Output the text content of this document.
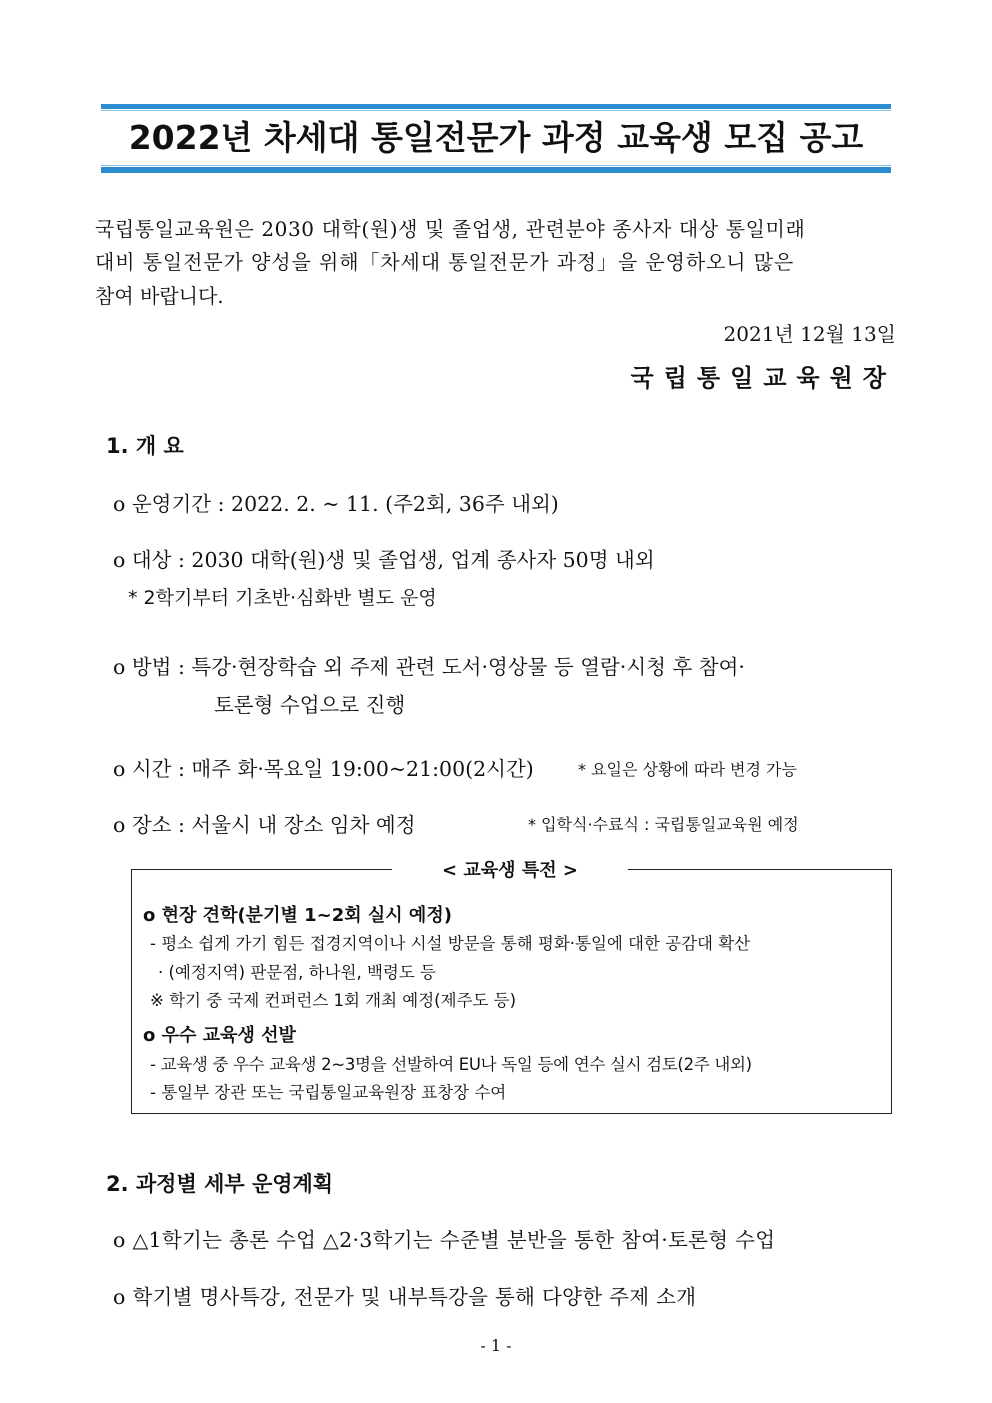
2022년 차세대 통일전문가 과정 교육생 모집 공고
국립통일교육원은 2030 대학(원)생 및 졸업생, 관련분야 종사자 대상 통일미래
대비 통일전문가 양성을 위해「차세대 통일전문가 과정」을 운영하오니 많은
참여 바랍니다.
2021년 12월 13일
국립통일교육원장
1. 개 요
o 운영기간 : 2022. 2. ~ 11. (주2회, 36주 내외)
o 대상 : 2030 대학(원)생 및 졸업생, 업계 종사자 50명 내외
* 2학기부터 기초반·심화반 별도 운영
o 방법 : 특강·현장학습 외 주제 관련 도서·영상물 등 열람·시청 후 참여·
토론형 수업으로 진행
o 시간 : 매주 화·목요일 19:00~21:00(2시간)	* 요일은 상황에 따라 변경 가능
o 장소 : 서울시 내 장소 임차 예정	* 입학식·수료식 : 국립통일교육원 예정
< 교육생 특전 >
o 현장 견학(분기별 1~2회 실시 예정)
- 평소 쉽게 가기 힘든 접경지역이나 시설 방문을 통해 평화·통일에 대한 공감대 확산
· (예정지역) 판문점, 하나원, 백령도 등
※ 학기 중 국제 컨퍼런스 1회 개최 예정(제주도 등)
o 우수 교육생 선발
- 교육생 중 우수 교육생 2~3명을 선발하여 EU나 독일 등에 연수 실시 검토(2주 내외)
- 통일부 장관 또는 국립통일교육원장 표창장 수여
2. 과정별 세부 운영계획
o △1학기는 총론 수업 △2·3학기는 수준별 분반을 통한 참여·토론형 수업
o 학기별 명사특강, 전문가 및 내부특강을 통해 다양한 주제 소개
- 1 -
